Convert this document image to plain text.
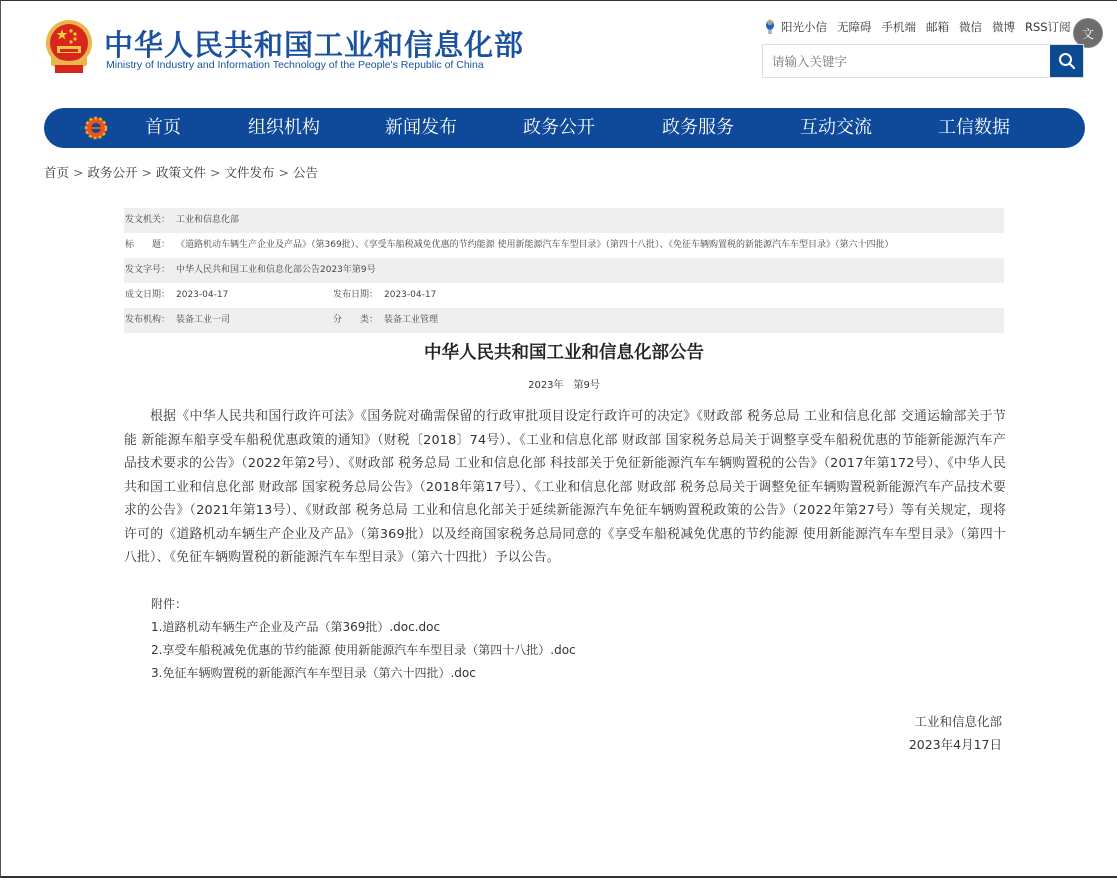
中华人民共和国工业和信息化部
Ministry of Industry and Information Technology of the People's Republic of China
阳光小信 无障碍 手机端 邮箱 微信 微博 RSS订阅 文
请输入关键字
首页	组织机构	新闻发布	政务公开	政务服务	互动交流	工信数据
首页 > 政务公开 > 政策文件 > 文件发布 > 公告
发文机关： 工业和信息化部
标　　题： 《道路机动车辆生产企业及产品》（第369批）、《享受车船税减免优惠的节约能源 使用新能源汽车车型目录》（第四十八批）、《免征车辆购置税的新能源汽车车型目录》（第六十四批）
发文字号： 中华人民共和国工业和信息化部公告2023年第9号
成文日期： 2023-04-17	发布日期： 2023-04-17
发布机构： 装备工业一司	分　　类： 装备工业管理
中华人民共和国工业和信息化部公告
2023年　第9号

根据《中华人民共和国行政许可法》《国务院对确需保留的行政审批项目设定行政许可的决定》《财政部 税务总局 工业和信息化部 交通运输部关于节能 新能源车船享受车船税优惠政策的通知》（财税〔2018〕74号）、《工业和信息化部 财政部 国家税务总局关于调整享受车船税优惠的节能新能源汽车产品技术要求的公告》（2022年第2号）、《财政部 税务总局 工业和信息化部 科技部关于免征新能源汽车车辆购置税的公告》（2017年第172号）、《中华人民共和国工业和信息化部 财政部 国家税务总局公告》（2018年第17号）、《工业和信息化部 财政部 税务总局关于调整免征车辆购置税新能源汽车产品技术要求的公告》（2021年第13号）、《财政部 税务总局 工业和信息化部关于延续新能源汽车免征车辆购置税政策的公告》（2022年第27号）等有关规定，现将许可的《道路机动车辆生产企业及产品》（第369批）以及经商国家税务总局同意的《享受车船税减免优惠的节约能源 使用新能源汽车车型目录》（第四十八批）、《免征车辆购置税的新能源汽车车型目录》（第六十四批）予以公告。

附件：
1.道路机动车辆生产企业及产品（第369批）.doc.doc
2.享受车船税减免优惠的节约能源 使用新能源汽车车型目录（第四十八批）.doc
3.免征车辆购置税的新能源汽车车型目录（第六十四批）.doc
工业和信息化部
2023年4月17日
